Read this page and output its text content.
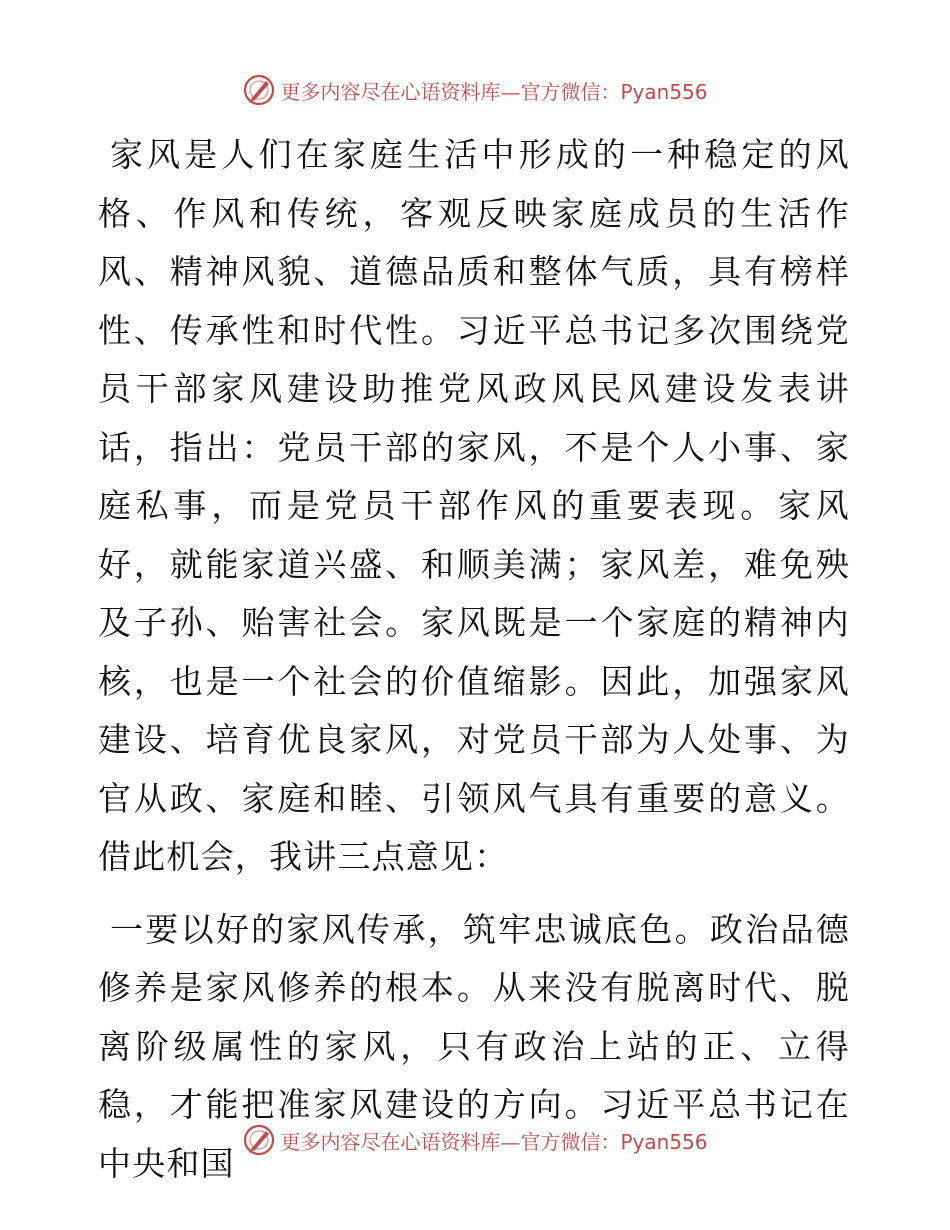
更多内容尽在心语资料库—官方微信：Pyan556

家风是人们在家庭生活中形成的一种稳定的风格、作风和传统，客观反映家庭成员的生活作风、精神风貌、道德品质和整体气质，具有榜样性、传承性和时代性。习近平总书记多次围绕党员干部家风建设助推党风政风民风建设发表讲话，指出：党员干部的家风，不是个人小事、家庭私事，而是党员干部作风的重要表现。家风好，就能家道兴盛、和顺美满；家风差，难免殃及子孙、贻害社会。家风既是一个家庭的精神内核，也是一个社会的价值缩影。因此，加强家风建设、培育优良家风，对党员干部为人处事、为官从政、家庭和睦、引领风气具有重要的意义。借此机会，我讲三点意见：

一要以好的家风传承，筑牢忠诚底色。政治品德修养是家风修养的根本。从来没有脱离时代、脱离阶级属性的家风，只有政治上站的正、立得稳，才能把准家风建设的方向。习近平总书记在中央和国

更多内容尽在心语资料库—官方微信：Pyan556
